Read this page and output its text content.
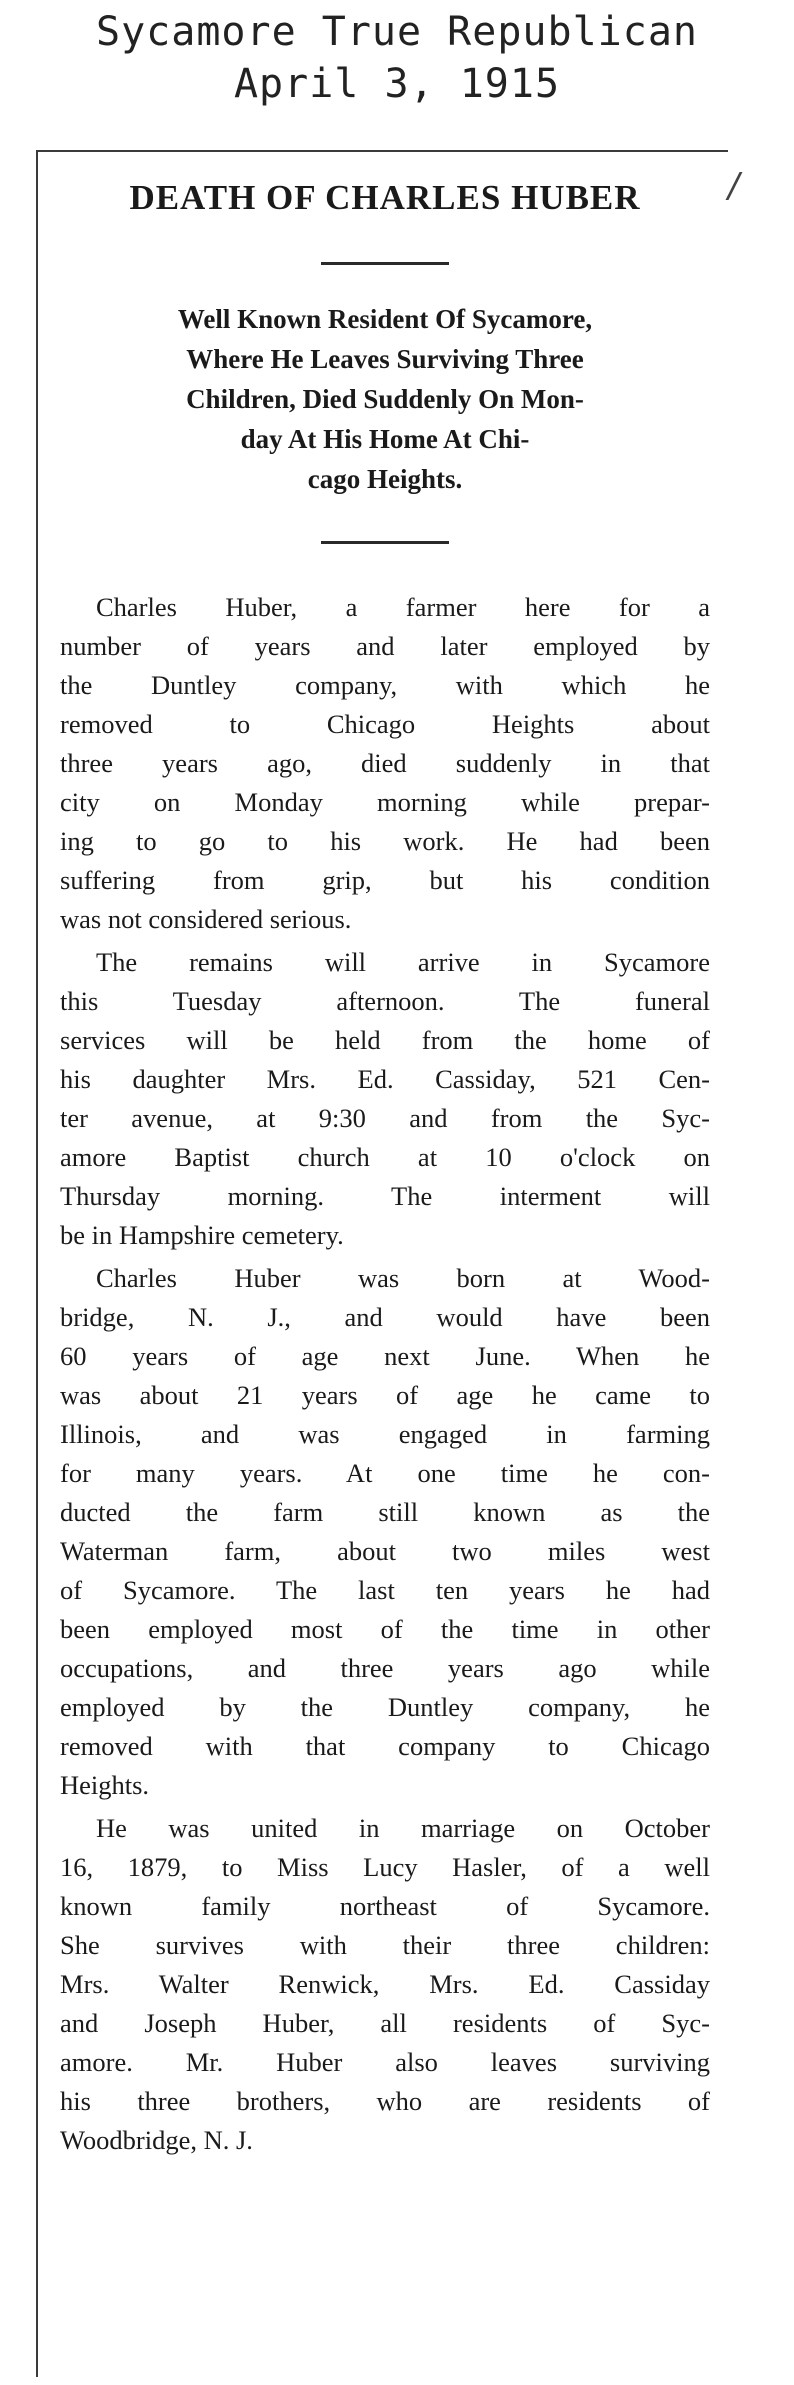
Sycamore True Republican
April 3, 1915
DEATH OF CHARLES HUBER
Well Known Resident Of Sycamore,
Where He Leaves Surviving Three
Children, Died Suddenly On Mon-
day At His Home At Chi-
cago Heights.
Charles Huber, a farmer here for a
number of years and later employed by
the Duntley company, with which he
removed to Chicago Heights about
three years ago, died suddenly in that
city on Monday morning while prepar-
ing to go to his work. He had been
suffering from grip, but his condition
was not considered serious.
The remains will arrive in Sycamore
this Tuesday afternoon. The funeral
services will be held from the home of
his daughter Mrs. Ed. Cassiday, 521 Cen-
ter avenue, at 9:30 and from the Syc-
amore Baptist church at 10 o'clock on
Thursday morning. The interment will
be in Hampshire cemetery.
Charles Huber was born at Wood-
bridge, N. J., and would have been
60 years of age next June. When he
was about 21 years of age he came to
Illinois, and was engaged in farming
for many years. At one time he con-
ducted the farm still known as the
Waterman farm, about two miles west
of Sycamore. The last ten years he had
been employed most of the time in other
occupations, and three years ago while
employed by the Duntley company, he
removed with that company to Chicago
Heights.
He was united in marriage on October
16, 1879, to Miss Lucy Hasler, of a well
known family northeast of Sycamore.
She survives with their three children:
Mrs. Walter Renwick, Mrs. Ed. Cassiday
and Joseph Huber, all residents of Syc-
amore. Mr. Huber also leaves surviving
his three brothers, who are residents of
Woodbridge, N. J.
/
